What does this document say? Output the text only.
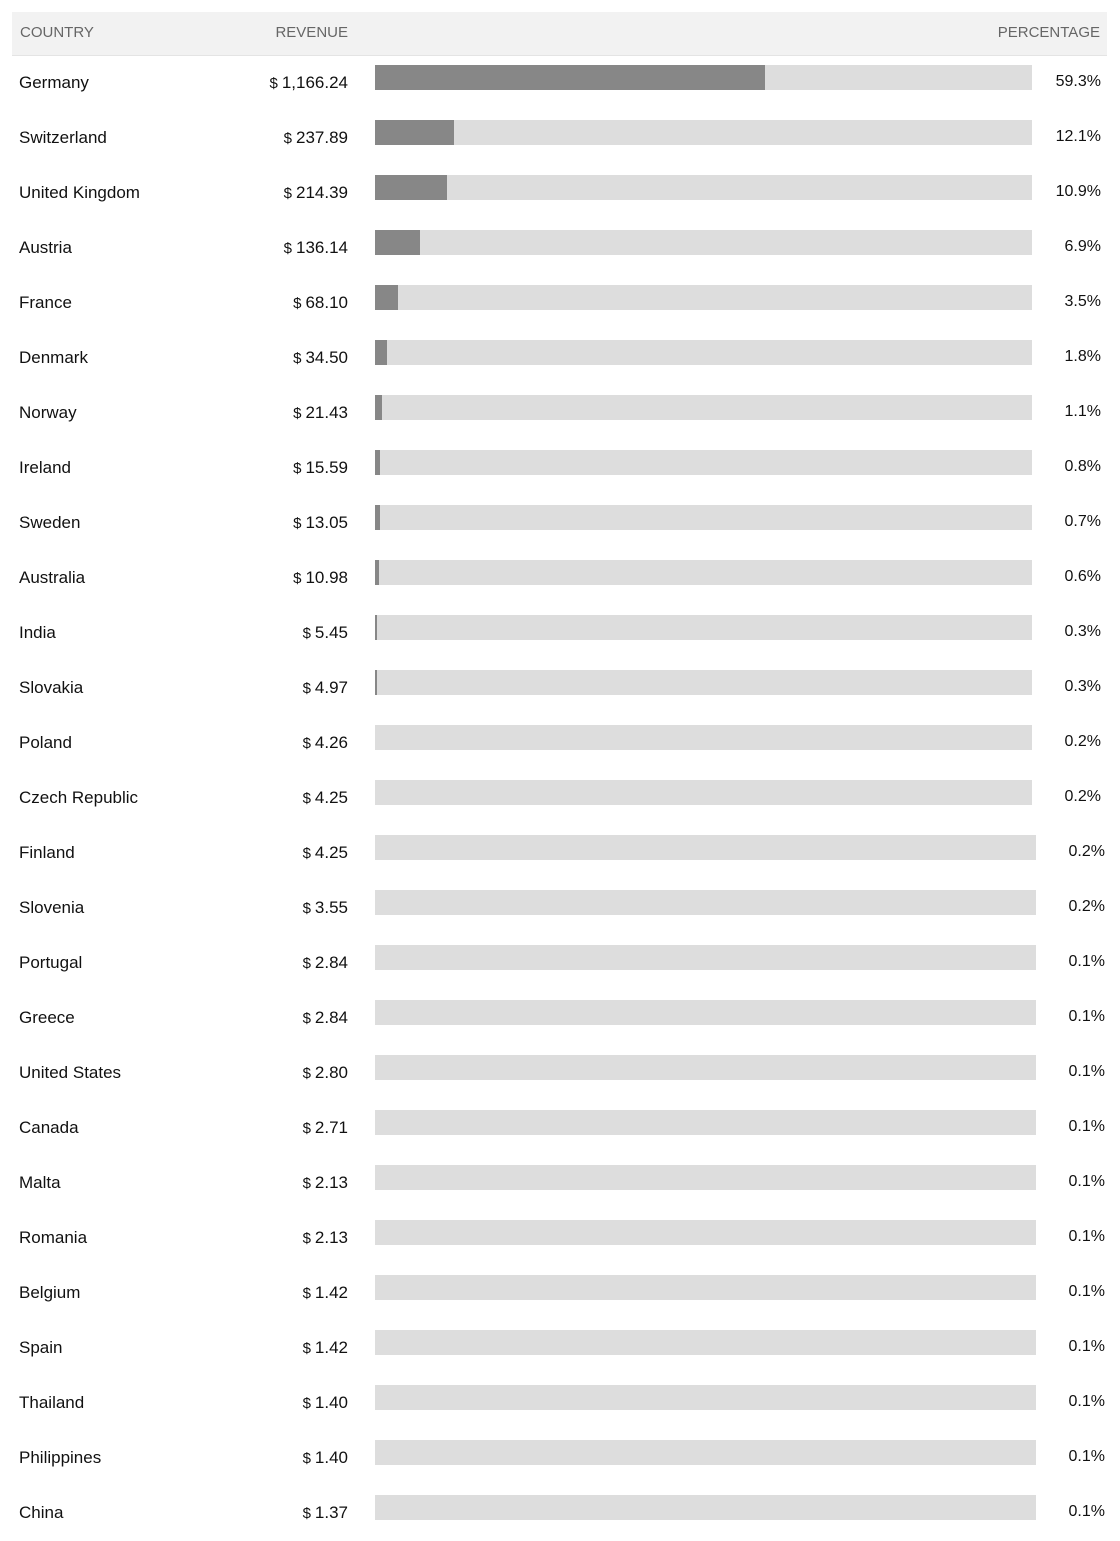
COUNTRY	REVENUE	PERCENTAGE
Germany	$ 1,166.24	59.3%
Switzerland	$ 237.89	12.1%
United Kingdom	$ 214.39	10.9%
Austria	$ 136.14	6.9%
France	$ 68.10	3.5%
Denmark	$ 34.50	1.8%
Norway	$ 21.43	1.1%
Ireland	$ 15.59	0.8%
Sweden	$ 13.05	0.7%
Australia	$ 10.98	0.6%
India	$ 5.45	0.3%
Slovakia	$ 4.97	0.3%
Poland	$ 4.26	0.2%
Czech Republic	$ 4.25	0.2%
Finland	$ 4.25	0.2%
Slovenia	$ 3.55	0.2%
Portugal	$ 2.84	0.1%
Greece	$ 2.84	0.1%
United States	$ 2.80	0.1%
Canada	$ 2.71	0.1%
Malta	$ 2.13	0.1%
Romania	$ 2.13	0.1%
Belgium	$ 1.42	0.1%
Spain	$ 1.42	0.1%
Thailand	$ 1.40	0.1%
Philippines	$ 1.40	0.1%
China	$ 1.37	0.1%
